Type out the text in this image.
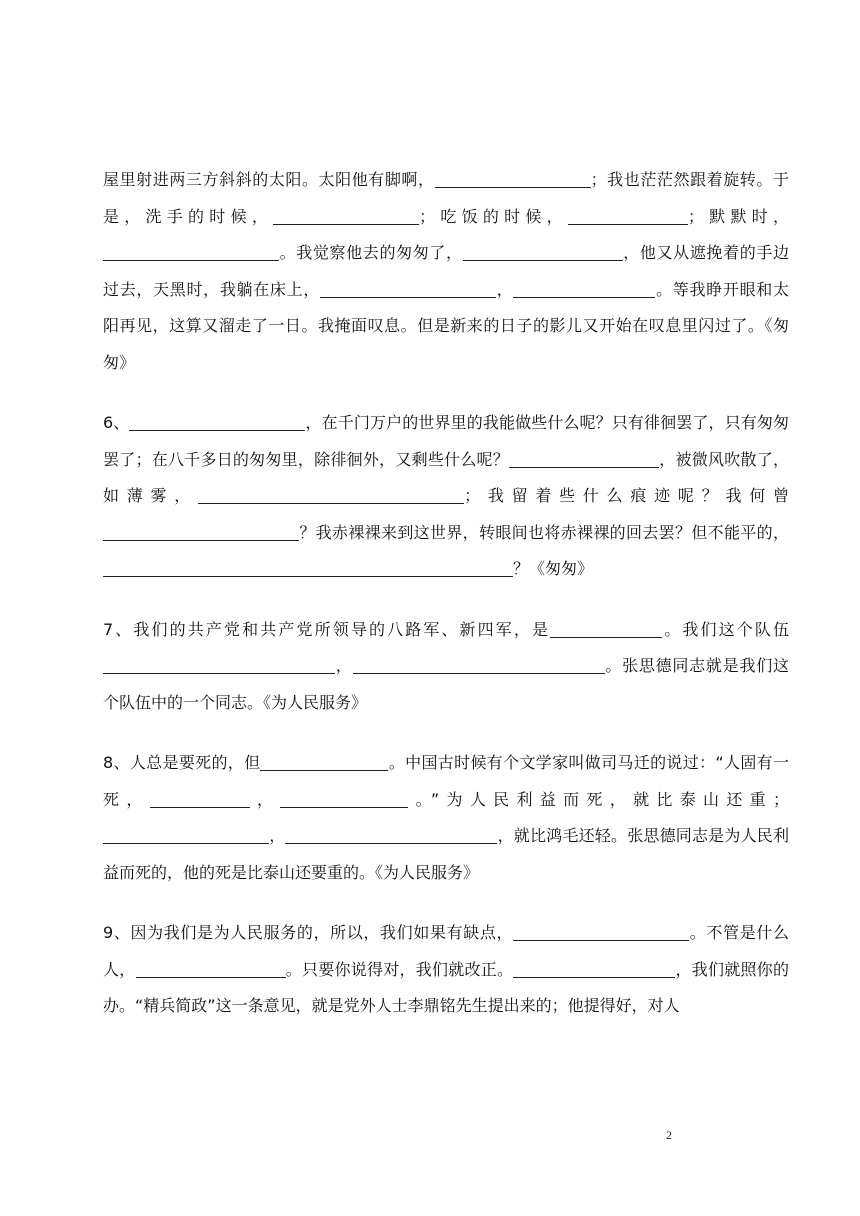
屋里射进两三方斜斜的太阳。太阳他有脚啊，	；我也茫茫然跟着旋转。于是，洗手的时候，	；吃饭的时候，	；默默时，。我觉察他去的匆匆了，	，他又从遮挽着的手边过去，天黑时，我躺在床上，	，	。等我睁开眼和太阳再见，这算又溜走了一日。我掩面叹息。但是新来的日子的影儿又开始在叹息里闪过了。《匆匆》

6、	，在千门万户的世界里的我能做些什么呢？只有徘徊罢了，只有匆匆罢了；在八千多日的匆匆里，除徘徊外，又剩些什么呢？	，被微风吹散了，如薄雾，	；我留着些什么痕迹呢？我何曾？我赤裸裸来到这世界，转眼间也将赤裸裸的回去罢？但不能平的，？《匆匆》

7、我们的共产党和共产党所领导的八路军、新四军，是	。我们这个队伍，	。张思德同志就是我们这个队伍中的一个同志。《为人民服务》

8、人总是要死的，但	。中国古时候有个文学家叫做司马迁的说过：“人固有一死，	，	。”为人民利益而死，就比泰山还重；，	，就比鸿毛还轻。张思德同志是为人民利益而死的，他的死是比泰山还要重的。《为人民服务》

9、因为我们是为人民服务的，所以，我们如果有缺点，	。不管是什么人，	。只要你说得对，我们就改正。	，我们就照你的办。“精兵简政”这一条意见，就是党外人士李鼎铭先生提出来的；他提得好，对人

2
